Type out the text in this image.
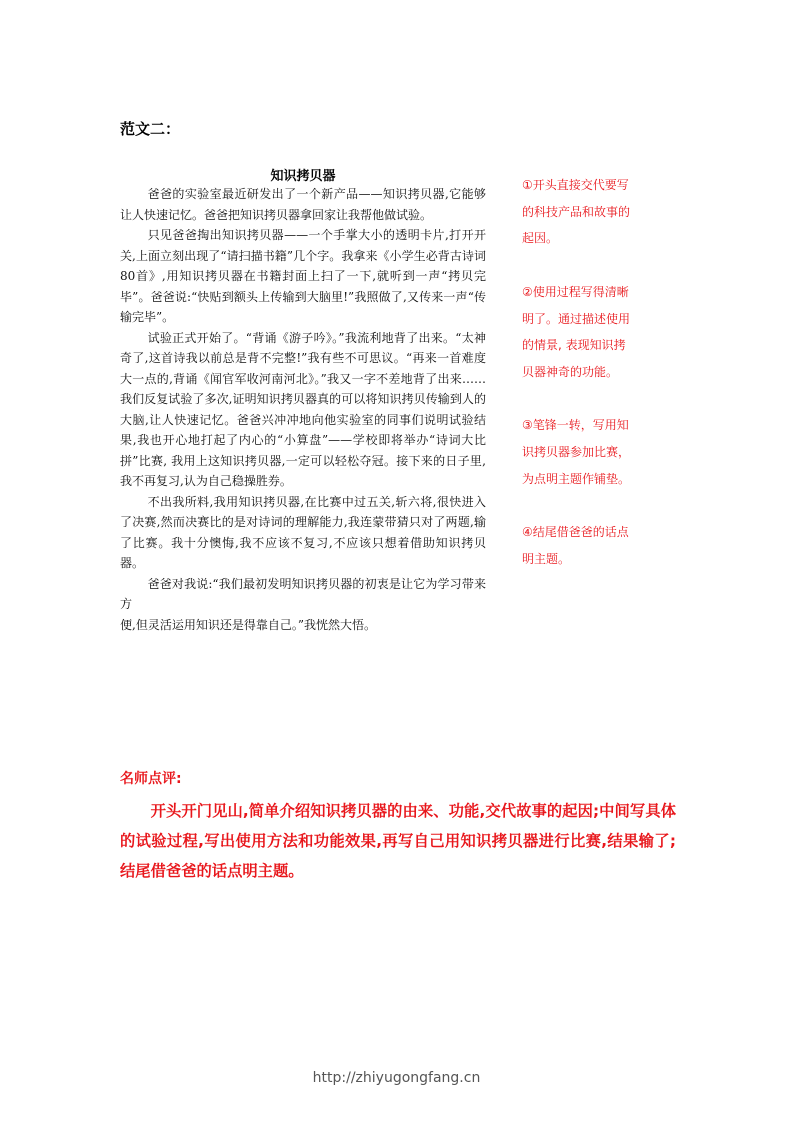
范文二：
知识拷贝器

爸爸的实验室最近研发出了一个新产品——知识拷贝器,它能够让人快速记忆。爸爸把知识拷贝器拿回家让我帮他做试验。

只见爸爸掏出知识拷贝器——一个手掌大小的透明卡片,打开开关,上面立刻出现了“请扫描书籍”几个字。我拿来《小学生必背古诗词80首》,用知识拷贝器在书籍封面上扫了一下,就听到一声“拷贝完毕”。爸爸说:“快贴到额头上传输到大脑里!”我照做了,又传来一声“传输完毕”。

试验正式开始了。“背诵《游子吟》。”我流利地背了出来。“太神奇了,这首诗我以前总是背不完整!”我有些不可思议。“再来一首难度大一点的,背诵《闻官军收河南河北》。”我又一字不差地背了出来……我们反复试验了多次,证明知识拷贝器真的可以将知识拷贝传输到人的大脑,让人快速记忆。爸爸兴冲冲地向他实验室的同事们说明试验结果,我也开心地打起了内心的“小算盘”——学校即将举办“诗词大比拼”比赛, 我用上这知识拷贝器,一定可以轻松夺冠。接下来的日子里,我不再复习,认为自己稳操胜券。

不出我所料,我用知识拷贝器,在比赛中过五关,斩六将,很快进入了决赛,然而决赛比的是对诗词的理解能力,我连蒙带猜只对了两题,输了比赛。我十分懊悔,我不应该不复习,不应该只想着借助知识拷贝器。

爸爸对我说:“我们最初发明知识拷贝器的初衷是让它为学习带来方

便,但灵活运用知识还是得靠自己。”我恍然大悟。

①开头直接交代要写的科技产品和故事的起因。

②使用过程写得清晰明了。通过描述使用的情景, 表现知识拷贝器神奇的功能。

③笔锋一转，写用知识拷贝器参加比赛，为点明主题作铺垫。

④结尾借爸爸的话点明主题。

名师点评:

开头开门见山,简单介绍知识拷贝器的由来、功能,交代故事的起因;中间写具体的试验过程,写出使用方法和功能效果,再写自己用知识拷贝器进行比赛,结果输了;结尾借爸爸的话点明主题。

http://zhiyugongfang.cn
